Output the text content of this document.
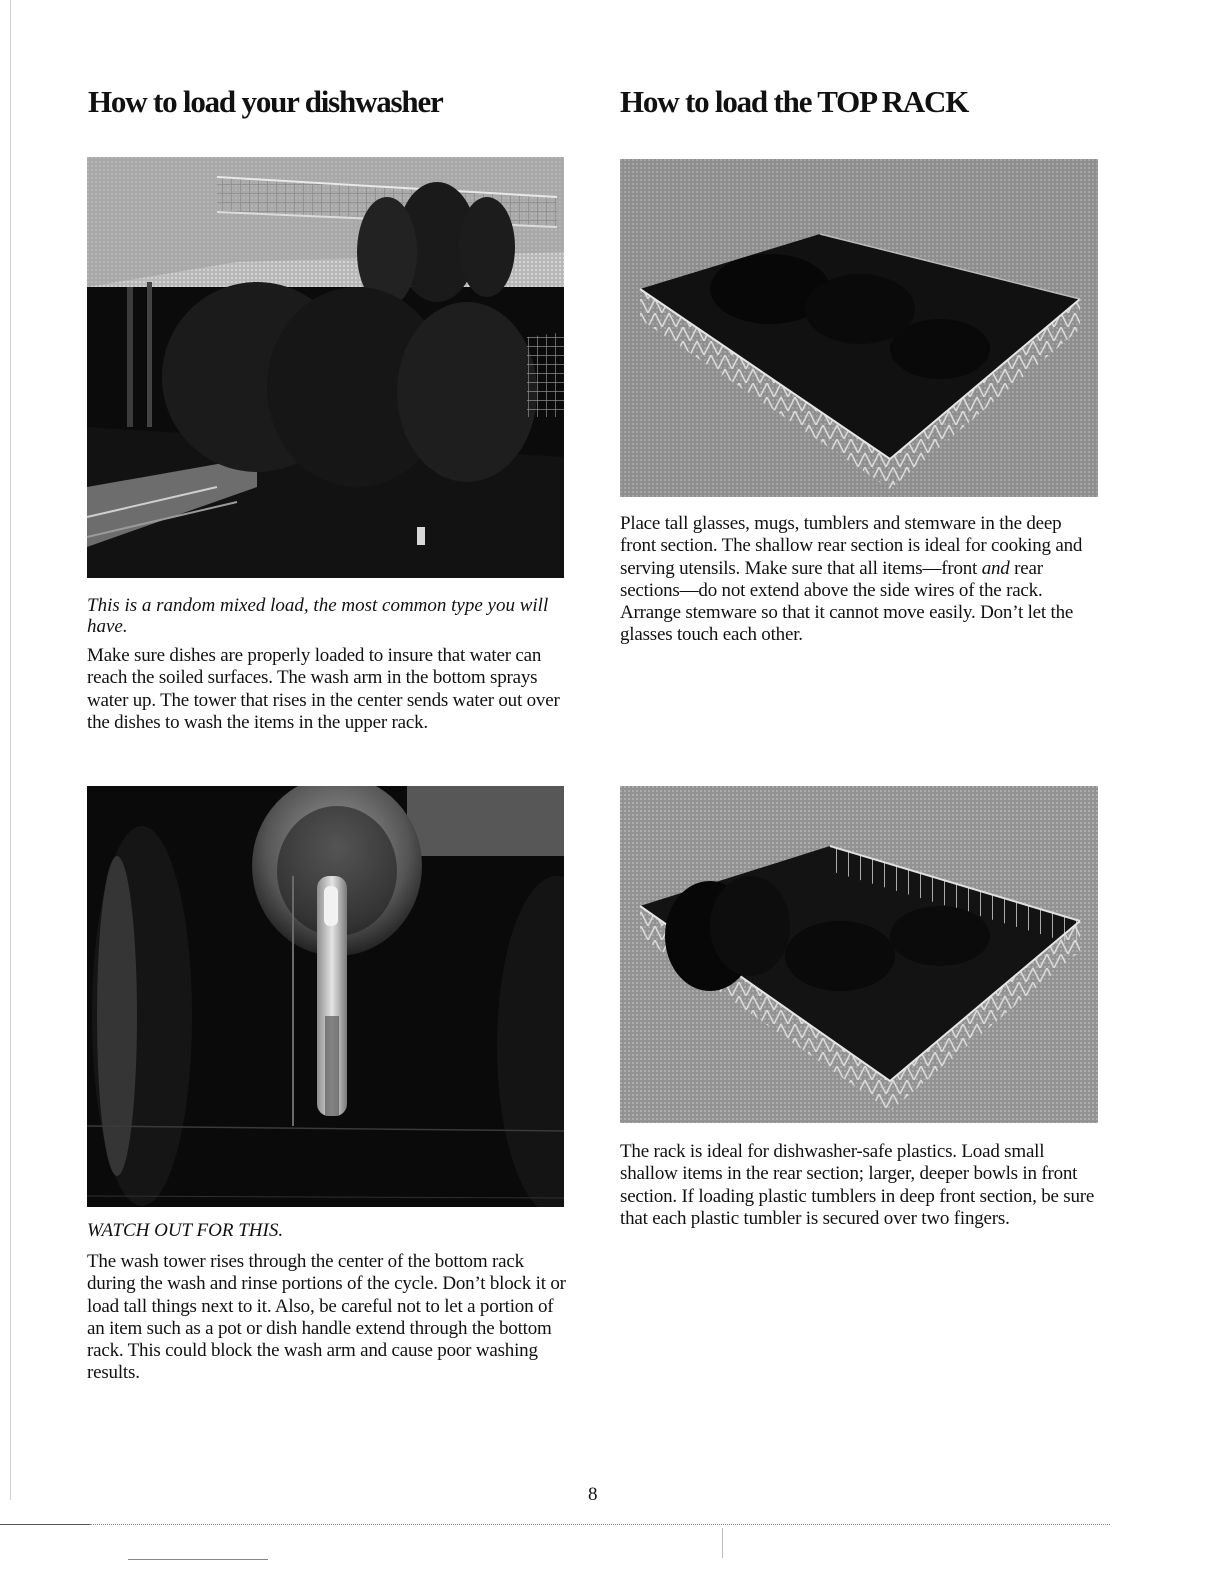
How to load your dishwasher	How to load the TOP RACK

This is a random mixed load, the most common type you will have.

Make sure dishes are properly loaded to insure that water can reach the soiled surfaces. The wash arm in the bottom sprays water up. The tower that rises in the center sends water out over the dishes to wash the items in the upper rack.

Place tall glasses, mugs, tumblers and stemware in the deep front section. The shallow rear section is ideal for cooking and serving utensils. Make sure that all items—front and rear sections—do not extend above the side wires of the rack. Arrange stemware so that it cannot move easily. Don’t let the glasses touch each other.

WATCH OUT FOR THIS.

The wash tower rises through the center of the bottom rack during the wash and rinse portions of the cycle. Don’t block it or load tall things next to it. Also, be careful not to let a portion of an item such as a pot or dish handle extend through the bottom rack. This could block the wash arm and cause poor washing results.

The rack is ideal for dishwasher-safe plastics. Load small shallow items in the rear section; larger, deeper bowls in front section. If loading plastic tumblers in deep front section, be sure that each plastic tumbler is secured over two fingers.

8
